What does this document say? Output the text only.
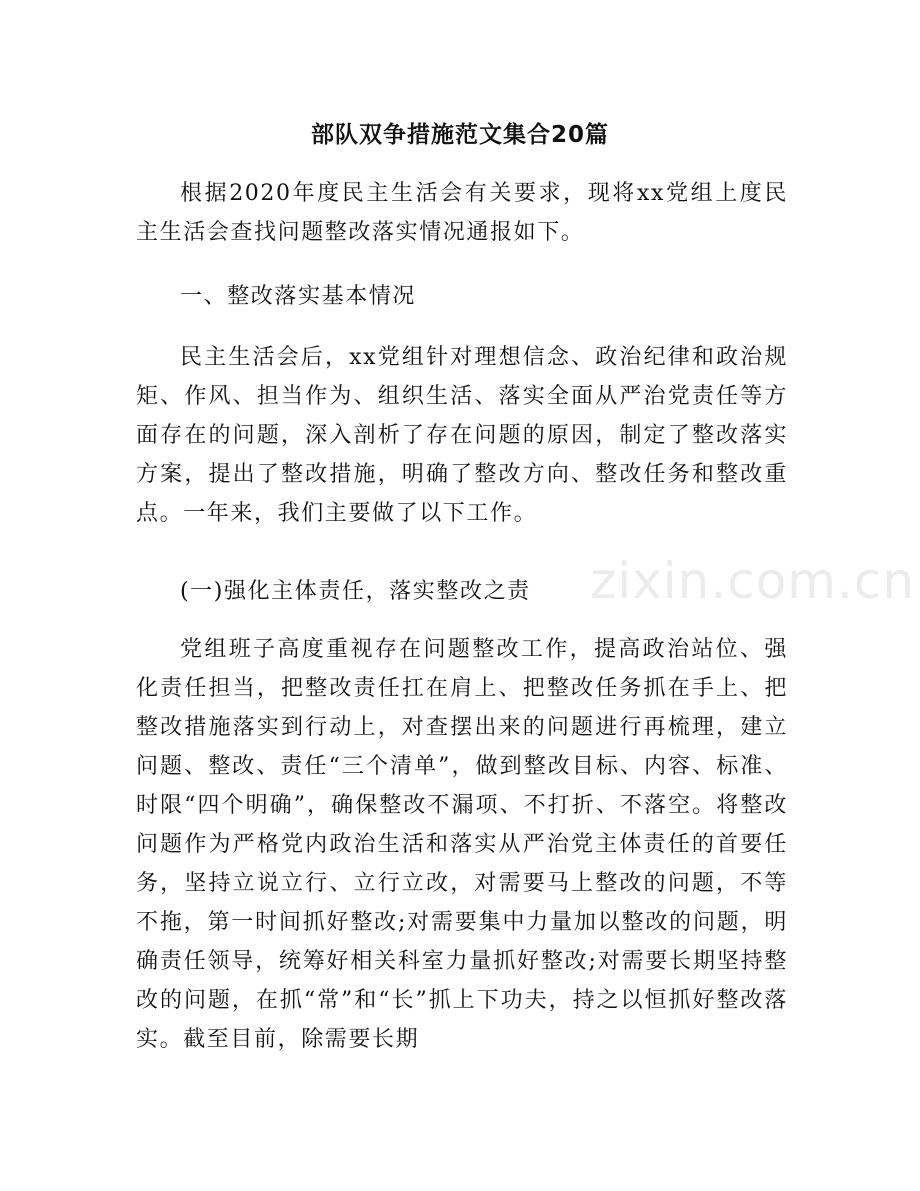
部队双争措施范文集合20篇

根据2020年度民主生活会有关要求，现将xx党组上度民主生活会查找问题整改落实情况通报如下。

一、整改落实基本情况

民主生活会后，xx党组针对理想信念、政治纪律和政治规矩、作风、担当作为、组织生活、落实全面从严治党责任等方面存在的问题，深入剖析了存在问题的原因，制定了整改落实方案，提出了整改措施，明确了整改方向、整改任务和整改重点。一年来，我们主要做了以下工作。

(一)强化主体责任，落实整改之责

党组班子高度重视存在问题整改工作，提高政治站位、强化责任担当，把整改责任扛在肩上、把整改任务抓在手上、把整改措施落实到行动上，对查摆出来的问题进行再梳理，建立问题、整改、责任“三个清单”，做到整改目标、内容、标准、时限“四个明确”，确保整改不漏项、不打折、不落空。将整改问题作为严格党内政治生活和落实从严治党主体责任的首要任务，坚持立说立行、立行立改，对需要马上整改的问题，不等不拖，第一时间抓好整改;对需要集中力量加以整改的问题，明确责任领导，统筹好相关科室力量抓好整改;对需要长期坚持整改的问题，在抓“常”和“长”抓上下功夫，持之以恒抓好整改落实。截至目前，除需要长期

zixin.com.cn
